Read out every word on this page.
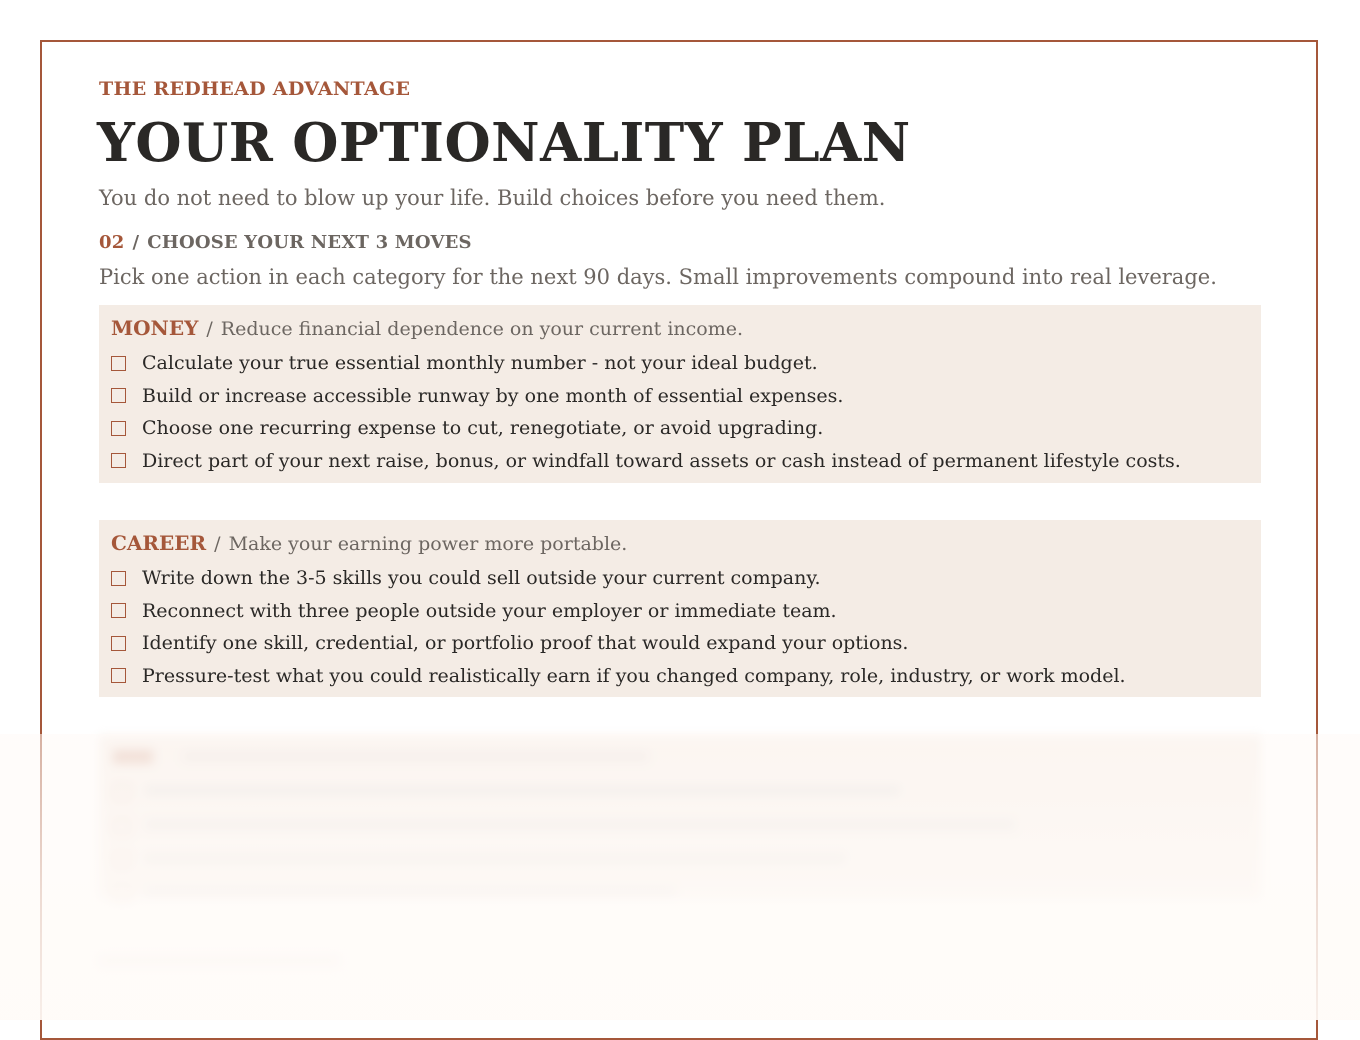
THE REDHEAD ADVANTAGE
YOUR OPTIONALITY PLAN
You do not need to blow up your life. Build choices before you need them.
02 / CHOOSE YOUR NEXT 3 MOVES
Pick one action in each category for the next 90 days. Small improvements compound into real leverage.
MONEY / Reduce financial dependence on your current income.
Calculate your true essential monthly number - not your ideal budget.
Build or increase accessible runway by one month of essential expenses.
Choose one recurring expense to cut, renegotiate, or avoid upgrading.
Direct part of your next raise, bonus, or windfall toward assets or cash instead of permanent lifestyle costs.
CAREER / Make your earning power more portable.
Write down the 3-5 skills you could sell outside your current company.
Reconnect with three people outside your employer or immediate team.
Identify one skill, credential, or portfolio proof that would expand your options.
Pressure-test what you could realistically earn if you changed company, role, industry, or work model.
